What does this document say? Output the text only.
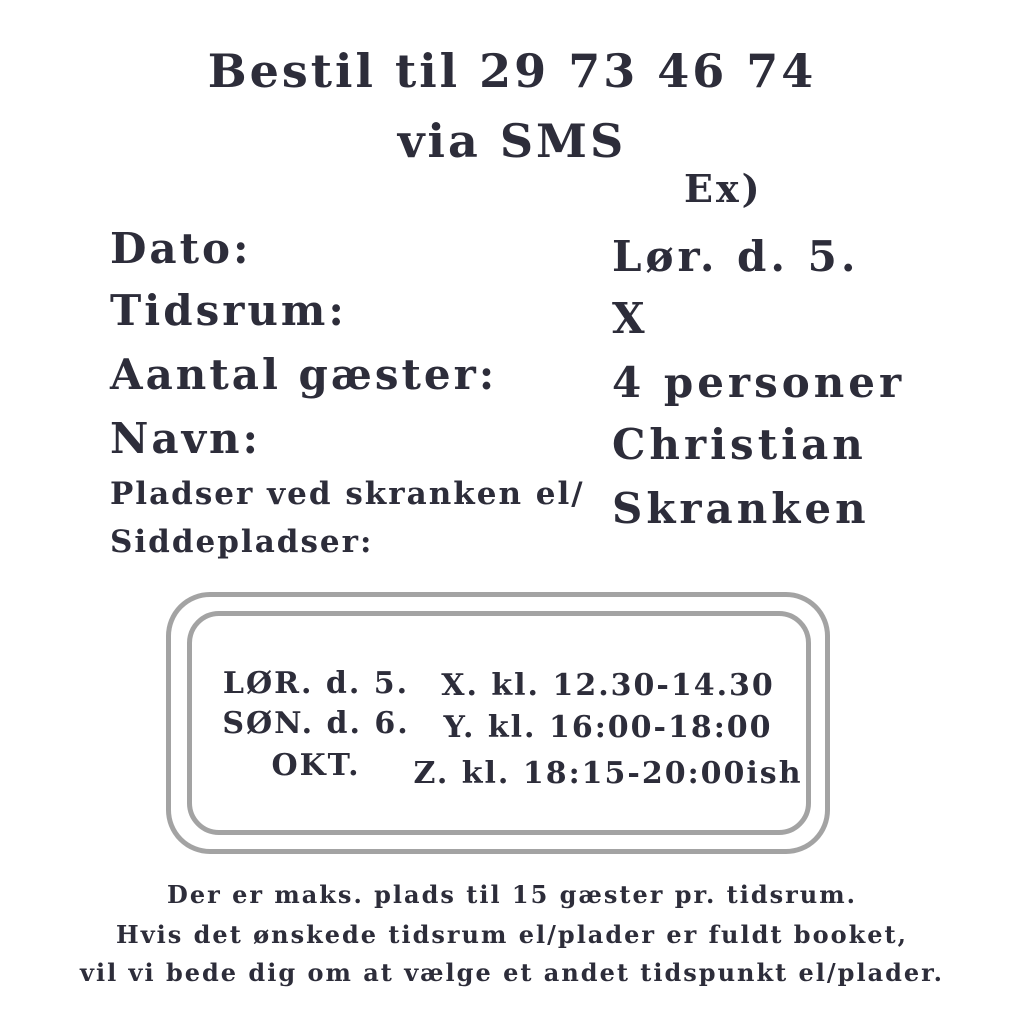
Bestil til 29 73 46 74
via SMS
Ex)
Dato:
Tidsrum:
Aantal gæster:
Navn:
Pladser ved skranken el/
Siddepladser:
Lør. d. 5.
X
4 personer
Christian
Skranken
LØR. d. 5.
SØN. d. 6.
OKT.
X. kl. 12.30-14.30
Y. kl. 16:00-18:00
Z. kl. 18:15-20:00ish
Der er maks. plads til 15 gæster pr. tidsrum.
Hvis det ønskede tidsrum el/plader er fuldt booket,
vil vi bede dig om at vælge et andet tidspunkt el/plader.
